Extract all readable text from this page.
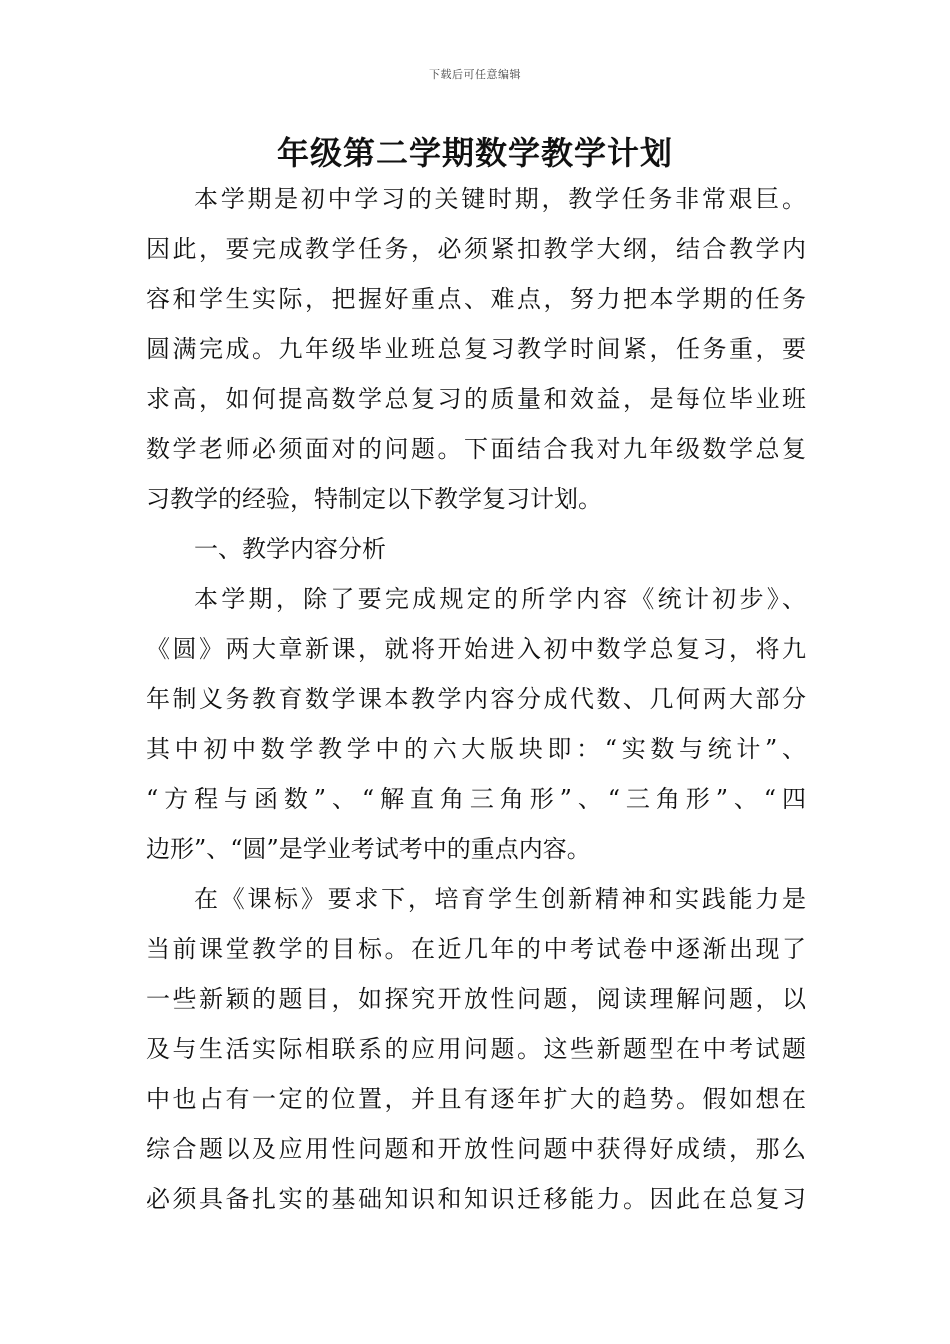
下载后可任意编辑
年级第二学期数学教学计划
本学期是初中学习的关键时期，教学任务非常艰巨。
因此，要完成教学任务，必须紧扣教学大纲，结合教学内
容和学生实际，把握好重点、难点，努力把本学期的任务
圆满完成。九年级毕业班总复习教学时间紧，任务重，要
求高，如何提高数学总复习的质量和效益，是每位毕业班
数学老师必须面对的问题。下面结合我对九年级数学总复
习教学的经验，特制定以下教学复习计划。
一、教学内容分析
本学期，除了要完成规定的所学内容《统计初步》、
《圆》两大章新课，就将开始进入初中数学总复习，将九
年制义务教育数学课本教学内容分成代数、几何两大部分
其中初中数学教学中的六大版块即：“实数与统计”、
“方程与函数”、“解直角三角形”、“三角形”、“四
边形”、“圆”是学业考试考中的重点内容。
在《课标》要求下，培育学生创新精神和实践能力是
当前课堂教学的目标。在近几年的中考试卷中逐渐出现了
一些新颖的题目，如探究开放性问题，阅读理解问题，以
及与生活实际相联系的应用问题。这些新题型在中考试题
中也占有一定的位置，并且有逐年扩大的趋势。假如想在
综合题以及应用性问题和开放性问题中获得好成绩，那么
必须具备扎实的基础知识和知识迁移能力。因此在总复习
